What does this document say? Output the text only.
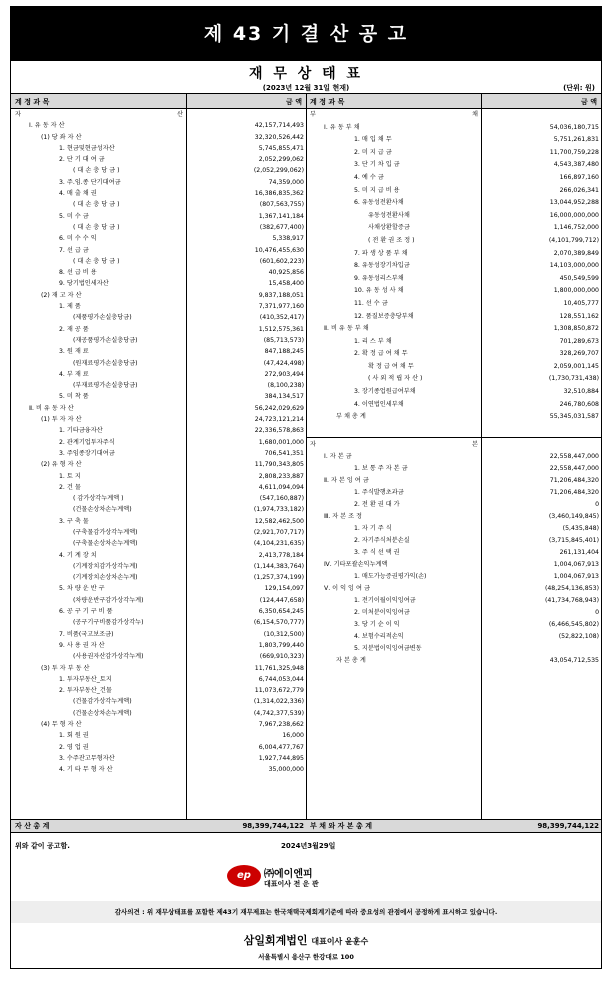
제 43 기 결 산 공 고
재 무 상 태 표
(2023년 12월 31일 현재)	(단위: 원)
계 정 과 목	금 액 계 정 과 목	금 액
자 산
Ⅰ. 유 동 자 산	42,157,714,493
(1) 당 좌 자 산	32,320,526,442
1. 현금및현금성자산	5,745,855,471
2. 단 기 대 여 금	2,052,299,062
( 대 손 충 당 금 )	(2,052,299,062)
3. 주.임.종 단기대여금	74,359,000
4. 매 출 채 권	16,386,835,362
( 대 손 충 당 금 )	(807,563,755)
5. 미 수 금	1,367,141,184
( 대 손 충 당 금 )	(382,677,400)
6. 미 수 수 익	5,338,917
7. 선 급 금	10,476,455,630
( 대 손 충 당 금 )	(601,602,223)
8. 선 급 비 용	40,925,856
9. 당기법인세자산	15,458,400
(2) 재 고 자 산	9,837,188,051
1. 제 품	7,371,977,160
(제품평가손실충당금)	(410,352,417)
2. 재 공 품	1,512,575,361
(재공품평가손실충당금)	(85,713,573)
3. 원 재 료	847,188,245
(원재료평가손실충당금)	(47,424,498)
4. 부 재 료	272,903,494
(부재료평가손실충당금)	(8,100,238)
5. 미 착 품	384,134,517
Ⅱ. 비 유 동 자 산	56,242,029,629
(1) 투 자 자 산	24,723,121,214
1. 기타금융자산	22,336,578,863
2. 관계기업투자주식	1,680,001,000
3. 주임종장기대여금	706,541,351
(2) 유 형 자 산	11,790,343,805
1. 토 지	2,808,233,887
2. 건 물	4,611,094,094
( 감가상각누계액 )	(547,160,887)
(건물손상차손누계액)	(1,974,733,182)
3. 구 축 물	12,582,462,500
(구축물감가상각누계액)	(2,921,707,717)
(구축물손상차손누계액)	(4,104,231,635)
4. 기 계 장 치	2,413,778,184
(기계장치감가상각누계)	(1,144,383,764)
(기계장치손상차손누계)	(1,257,374,199)
5. 차 량 운 반 구	129,154,097
(차량운반구감가상각누계)	(124,447,658)
6. 공 구 기 구 비 품	6,350,654,245
(공구기구비품감가상각누)	(6,154,570,777)
7. 비품(국고보조금)	(10,312,500)
9. 사 용 권 자 산	1,803,799,440
(사용권자산감가상각누계)	(669,910,323)
(3) 투 자 부 동 산	11,761,325,948
1. 투자부동산_토지	6,744,053,044
2. 투자부동산_건물	11,073,672,779
(건물감가상각누계액)	(1,314,022,336)
(건물손상차손누계액)	(4,742,377,539)
(4) 무 형 자 산	7,967,238,662
1. 회 원 권	16,000
2. 영 업 권	6,004,477,767
3. 수주잔고무형자산	1,927,744,895
4. 기 타 무 형 자 산	35,000,000
부 채
Ⅰ. 유 동 부 채	54,036,180,715
1. 매 입 채 무	5,751,261,831
2. 미 지 급 금	11,700,759,228
3. 단 기 차 입 금	4,543,387,480
4. 예 수 금	166,897,160
5. 미 지 급 비 용	266,026,341
6. 유동성전환사채	13,044,952,288
유동성전환사채	16,000,000,000
사채상환할증금	1,146,752,000
( 전 환 권 조 정 )	(4,101,799,712)
7. 파 생 상 품 부 채	2,070,389,849
8. 유동성장기차입금	14,103,000,000
9. 유동성리스부채	450,549,599
10. 유 동 성 사 채	1,800,000,000
11. 선 수 금	10,405,777
12. 품질보증충당부채	128,551,162
Ⅱ. 비 유 동 부 채	1,308,850,872
1. 리 스 부 채	701,289,673
2. 확 정 급 여 채 무	328,269,707
확 정 급 여 채 무	2,059,001,145
( 사 외 적 립 자 산 )	(1,730,731,438)
3. 장기종업원급여부채	32,510,884
4. 이연법인세부채	246,780,608
부 채 총 계	55,345,031,587
자 본
Ⅰ. 자 본 금	22,558,447,000
1. 보 통 주 자 본 금	22,558,447,000
Ⅱ. 자 본 잉 여 금	71,206,484,320
1. 주식발행초과금	71,206,484,320
2. 전 환 권 대 가	0
Ⅲ. 자 본 조 정	(3,460,149,845)
1. 자 기 주 식	(5,435,848)
2. 자기주식처분손실	(3,715,845,401)
3. 주 식 선 택 권	261,131,404
Ⅳ. 기타포괄손익누계액	1,004,067,913
1. 매도가능증권평가익(손)	1,004,067,913
Ⅴ. 이 익 잉 여 금	(48,254,136,853)
1. 전기이월이익잉여금	(41,734,768,943)
2. 미처분이익잉여금	0
3. 당 기 순 이 익	(6,466,545,802)
4. 보험수리적손익	(52,822,108)
5. 지분법이익잉여금변동
자 본 총 계	43,054,712,535
자 산 총 계	98,399,744,122 부 채 와 자 본 총 계	98,399,744,122
위와 같이 공고함.	2024년3월29일
ep	㈜에이엔피
대표이사 전 운 관
감사의견 : 위 재무상태표를 포함한 제43기 재무제표는 한국채택국제회계기준에 따라 중요성의 관점에서 공정하게 표시하고 있습니다.
삼일회계법인 대표이사 윤훈수
서울특별시 용산구 한강대로 100
